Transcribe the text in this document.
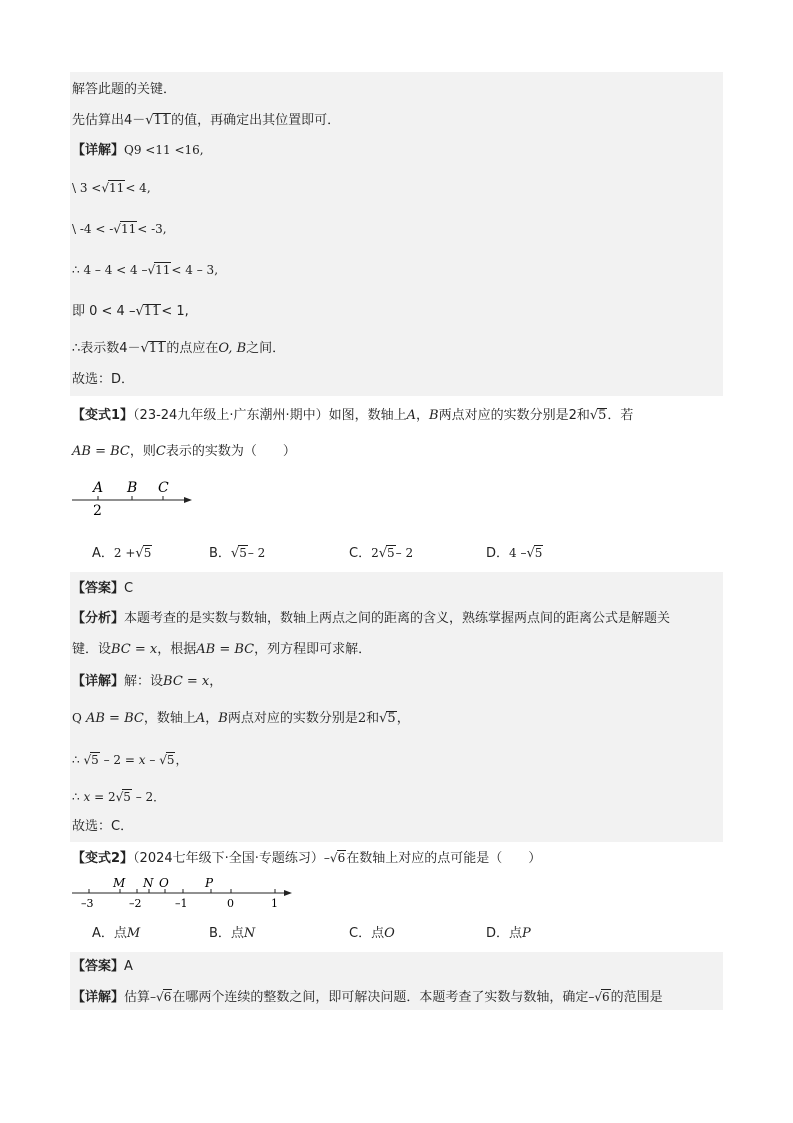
解答此题的关键．
先估算出4－√11的值，再确定出其位置即可．
【详解】Q9 <11 <16,
\ 3 <√11< 4,
\ -4 < -√11< -3,
∴ 4 – 4 < 4 –√11< 4 – 3,
即 0 < 4 –√11< 1,
∴表示数4－√11的点应在O, B之间．
故选：D．
【变式1】（23-24九年级上·广东潮州·期中）如图，数轴上A，B两点对应的实数分别是2和√5．若
AB = BC，则C表示的实数为（　　）
A B C
2
A．2 +√5	B．√5– 2	C．2√5– 2	D．4 –√5
【答案】C
【分析】本题考查的是实数与数轴，数轴上两点之间的距离的含义，熟练掌握两点间的距离公式是解题关
键．设BC = x，根据AB = BC，列方程即可求解．
【详解】解：设BC = x，
Q AB = BC，数轴上A，B两点对应的实数分别是2和√5，
∴ √5 – 2 = x – √5，
∴ x = 2√5 – 2．
故选：C．
【变式2】（2024七年级下·全国·专题练习）–√6在数轴上对应的点可能是（　　）
M N O	P
–3	–2	–1	0	1
A．点M	B．点N	C．点O	D．点P
【答案】A
【详解】估算–√6在哪两个连续的整数之间，即可解决问题．本题考查了实数与数轴，确定–√6的范围是
